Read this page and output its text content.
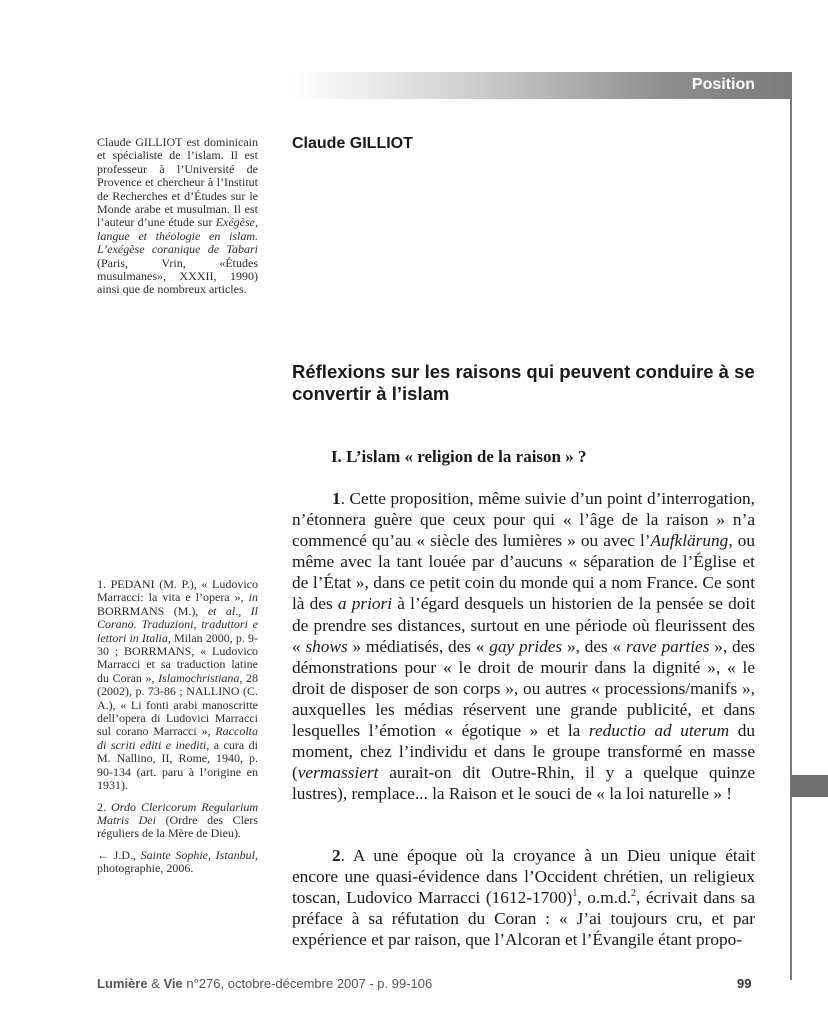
Position
Claude GILLIOT
Claude GILLIOT est dominicain et spécialiste de l’islam. Il est professeur à l’Université de Provence et chercheur à l’Institut de Recherches et d’Études sur le Monde arabe et musulman. Il est l’auteur d’une étude sur Exégèse, langue et théologie en islam. L’exégèse coranique de Tabari (Paris, Vrin, «Études musulmanes», XXXII, 1990) ainsi que de nombreux articles.
Réflexions sur les raisons qui peuvent conduire à se convertir à l’islam
I. L’islam « religion de la raison » ?
1. Cette proposition, même suivie d’un point d’interrogation, n’étonnera guère que ceux pour qui « l’âge de la raison » n’a commencé qu’au « siècle des lumières » ou avec l’Aufklärung, ou même avec la tant louée par d’aucuns « séparation de l’Église et de l’État », dans ce petit coin du monde qui a nom France. Ce sont là des a priori à l’égard desquels un historien de la pensée se doit de prendre ses distances, surtout en une période où fleurissent des « shows » médiatisés, des « gay prides », des « rave parties », des démonstrations pour « le droit de mourir dans la dignité », « le droit de disposer de son corps », ou autres « processions/manifs », auxquelles les médias réservent une grande publicité, et dans lesquelles l’émotion « égotique » et la reductio ad uterum du moment, chez l’individu et dans le groupe transformé en masse (vermassiert aurait-on dit Outre-Rhin, il y a quelque quinze lustres), remplace... la Raison et le souci de « la loi naturelle » !
2. A une époque où la croyance à un Dieu unique était encore une quasi-évidence dans l’Occident chrétien, un religieux toscan, Ludovico Marracci (1612-1700)$^1$, o.m.d.$^2$, écrivait dans sa préface à sa réfutation du Coran : « J’ai toujours cru, et par expérience et par raison, que l’Alcoran et l’Évangile étant propo-

1. PEDANI (M. P.), « Ludovico Marracci: la vita e l’opera », in BORRMANS (M.), et al., Il Corano. Traduzioni, traduttori e lettori in Italia, Milan 2000, p. 9-30 ; BORRMANS, « Ludovico Marracci et sa traduction latine du Coran », Islamochristiana, 28 (2002), p. 73-86 ; NALLINO (C. A.), « Li fonti arabi manoscritte dell’opera di Ludovici Marracci sul corano Marracci », Raccolta di scriti editi e inediti, a cura di M. Nallino, II, Rome, 1940, p. 90-134 (art. paru à l’origine en 1931).

2. Ordo Clericorum Regularium Matris Dei (Ordre des Clers réguliers de la Mère de Dieu).

← J.D., Sainte Sophie, Istanbul, photographie, 2006.

Lumière & Vie n°276, octobre-décembre 2007 - p. 99-106	99
